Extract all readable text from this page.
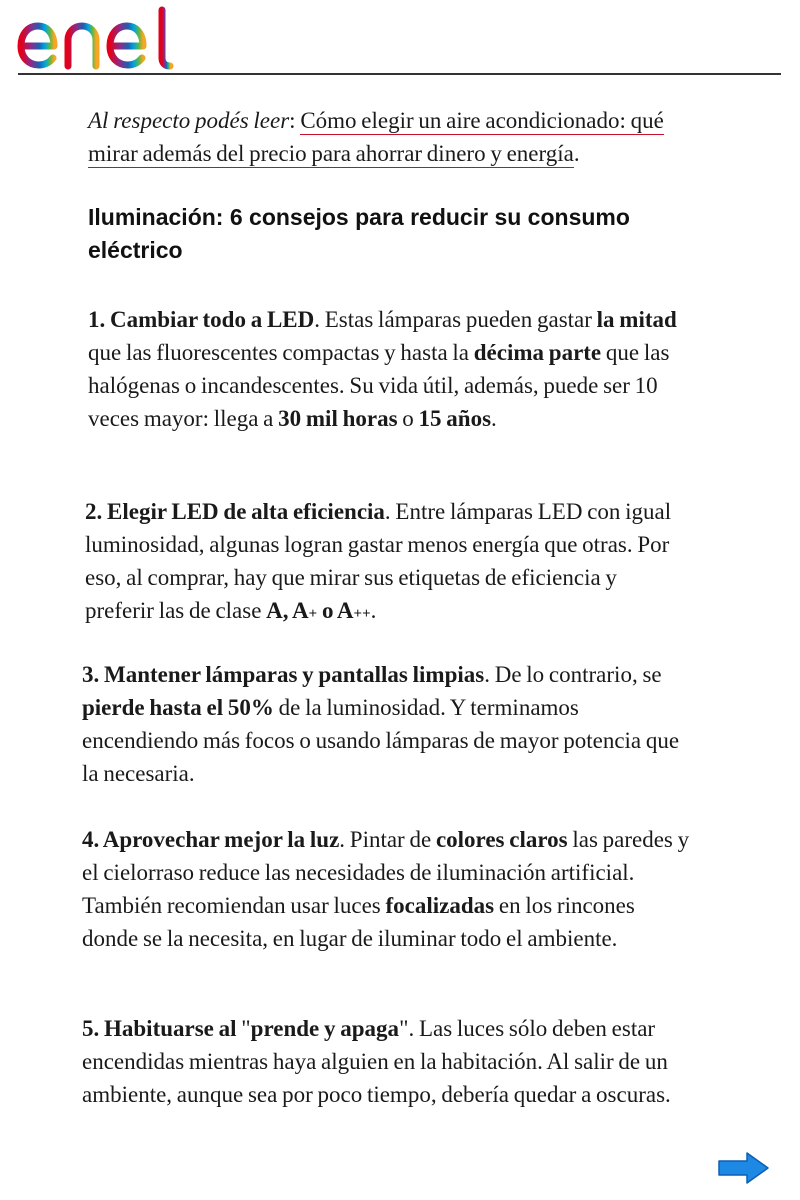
Al respecto podés leer: Cómo elegir un aire acondicionado: qué mirar además del precio para ahorrar dinero y energía.

Iluminación: 6 consejos para reducir su consumo eléctrico

1. Cambiar todo a LED. Estas lámparas pueden gastar la mitad que las fluorescentes compactas y hasta la décima parte que las halógenas o incandescentes. Su vida útil, además, puede ser 10 veces mayor: llega a 30 mil horas o 15 años.

2. Elegir LED de alta eficiencia. Entre lámparas LED con igual luminosidad, algunas logran gastar menos energía que otras. Por eso, al comprar, hay que mirar sus etiquetas de eficiencia y preferir las de clase A, A+ o A++.

3. Mantener lámparas y pantallas limpias. De lo contrario, se pierde hasta el 50% de la luminosidad. Y terminamos encendiendo más focos o usando lámparas de mayor potencia que la necesaria.

4. Aprovechar mejor la luz. Pintar de colores claros las paredes y el cielorraso reduce las necesidades de iluminación artificial. También recomiendan usar luces focalizadas en los rincones donde se la necesita, en lugar de iluminar todo el ambiente.

5. Habituarse al "prende y apaga". Las luces sólo deben estar encendidas mientras haya alguien en la habitación. Al salir de un ambiente, aunque sea por poco tiempo, debería quedar a oscuras.
